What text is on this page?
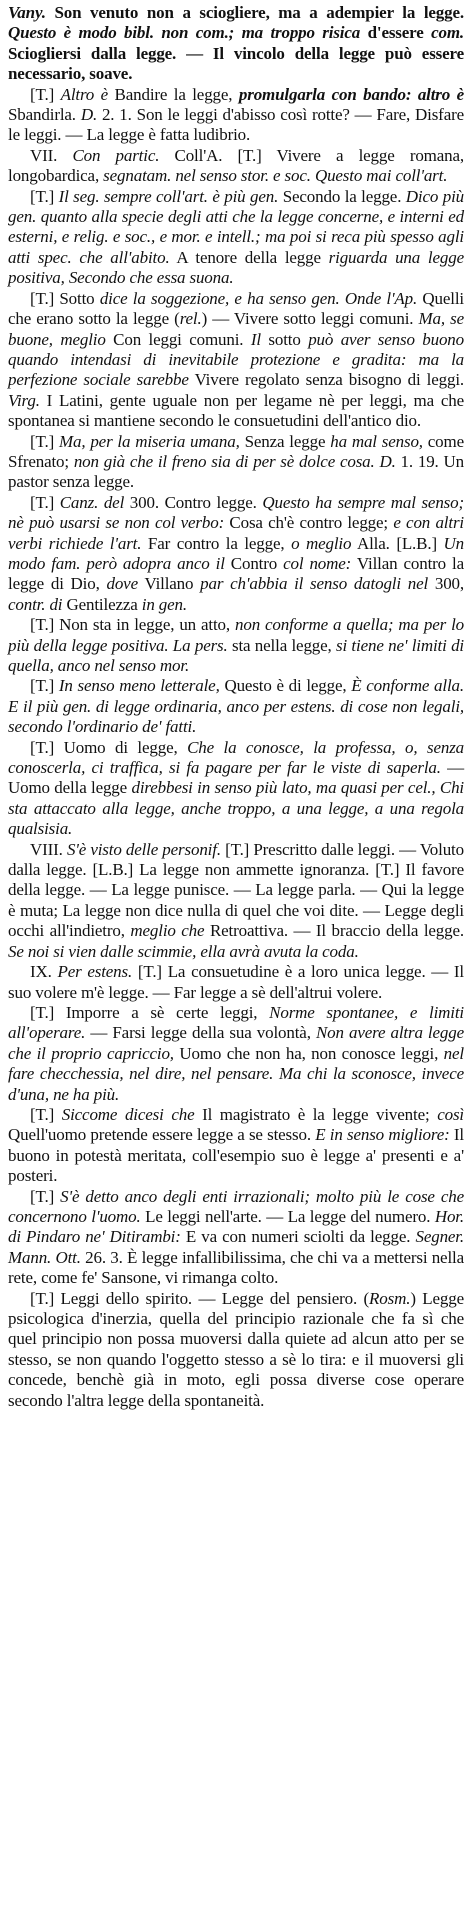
Vany. Son venuto non a sciogliere, ma a adempier la legge. Questo è modo bibl. non com.; ma troppo risica d'essere com. Sciogliersi dalla legge. — Il vincolo della legge può essere necessario, soave.

[T.] Altro è Bandire la legge, promulgarla con bando: altro è Sbandirla. D. 2. 1. Son le leggi d'abisso così rotte? — Fare, Disfare le leggi. — La legge è fatta ludibrio.

VII. Con partic. Coll'A. [T.] Vivere a legge romana, longobardica, segnatam. nel senso stor. e soc. Questo mai coll'art.

[T.] Il seg. sempre coll'art. è più gen. Secondo la legge. Dico più gen. quanto alla specie degli atti che la legge concerne, e interni ed esterni, e relig. e soc., e mor. e intell.; ma poi si reca più spesso agli atti spec. che all'abito. A tenore della legge riguarda una legge positiva, Secondo che essa suona.

[T.] Sotto dice la soggezione, e ha senso gen. Onde l'Ap. Quelli che erano sotto la legge (rel.) — Vivere sotto leggi comuni. Ma, se buone, meglio Con leggi comuni. Il sotto può aver senso buono quando intendasi di inevitabile protezione e gradita: ma la perfezione sociale sarebbe Vivere regolato senza bisogno di leggi. Virg. I Latini, gente uguale non per legame nè per leggi, ma che spontanea si mantiene secondo le consuetudini dell'antico dio.

[T.] Ma, per la miseria umana, Senza legge ha mal senso, come Sfrenato; non già che il freno sia di per sè dolce cosa. D. 1. 19. Un pastor senza legge.

[T.] Canz. del 300. Contro legge. Questo ha sempre mal senso; nè può usarsi se non col verbo: Cosa ch'è contro legge; e con altri verbi richiede l'art. Far contro la legge, o meglio Alla. [L.B.] Un modo fam. però adopra anco il Contro col nome: Villan contro la legge di Dio, dove Villano par ch'abbia il senso datogli nel 300, contr. di Gentilezza in gen.

[T.] Non sta in legge, un atto, non conforme a quella; ma per lo più della legge positiva. La pers. sta nella legge, si tiene ne' limiti di quella, anco nel senso mor.

[T.] In senso meno letterale, Questo è di legge, È conforme alla. E il più gen. di legge ordinaria, anco per estens. di cose non legali, secondo l'ordinario de' fatti.

[T.] Uomo di legge, Che la conosce, la professa, o, senza conoscerla, ci traffica, si fa pagare per far le viste di saperla. — Uomo della legge direbbesi in senso più lato, ma quasi per cel., Chi sta attaccato alla legge, anche troppo, a una legge, a una regola qualsisia.

VIII. S'è visto delle personif. [T.] Prescritto dalle leggi. — Voluto dalla legge. [L.B.] La legge non ammette ignoranza. [T.] Il favore della legge. — La legge punisce. — La legge parla. — Qui la legge è muta; La legge non dice nulla di quel che voi dite. — Legge degli occhi all'indietro, meglio che Retroattiva. — Il braccio della legge. Se noi si vien dalle scimmie, ella avrà avuta la coda.

IX. Per estens. [T.] La consuetudine è a loro unica legge. — Il suo volere m'è legge. — Far legge a sè dell'altrui volere.

[T.] Imporre a sè certe leggi, Norme spontanee, e limiti all'operare. — Farsi legge della sua volontà, Non avere altra legge che il proprio capriccio, Uomo che non ha, non conosce leggi, nel fare checchessia, nel dire, nel pensare. Ma chi la sconosce, invece d'una, ne ha più.

[T.] Siccome dicesi che Il magistrato è la legge vivente; così Quell'uomo pretende essere legge a se stesso. E in senso migliore: Il buono in potestà meritata, coll'esempio suo è legge a' presenti e a' posteri.

[T.] S'è detto anco degli enti irrazionali; molto più le cose che concernono l'uomo. Le leggi nell'arte. — La legge del numero. Hor. di Pindaro ne' Ditirambi: E va con numeri sciolti da legge. Segner. Mann. Ott. 26. 3. È legge infallibilissima, che chi va a mettersi nella rete, come fe' Sansone, vi rimanga colto.

[T.] Leggi dello spirito. — Legge del pensiero. (Rosm.) Legge psicologica d'inerzia, quella del principio razionale che fa sì che quel principio non possa muoversi dalla quiete ad alcun atto per se stesso, se non quando l'oggetto stesso a sè lo tira: e il muoversi gli concede, benchè già in moto, egli possa diverse cose operare secondo l'altra legge della spontaneità.
